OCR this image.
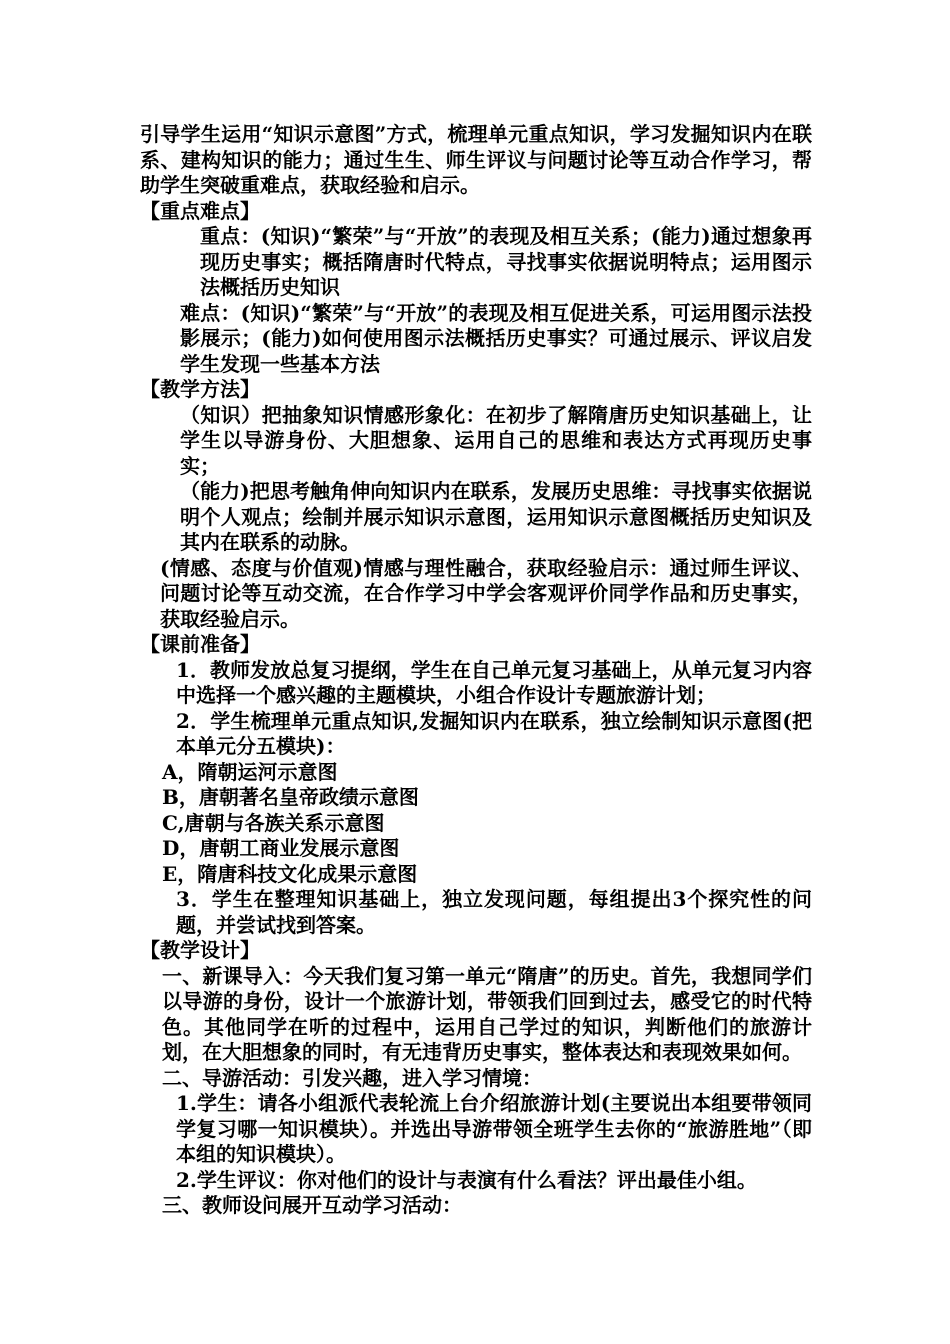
引导学生运用“知识示意图”方式，梳理单元重点知识，学习发掘知识内在联系、建构知识的能力；通过生生、师生评议与问题讨论等互动合作学习，帮助学生突破重难点，获取经验和启示。

【重点难点】

重点：(知识)“繁荣”与“开放”的表现及相互关系；(能力)通过想象再现历史事实；概括隋唐时代特点，寻找事实依据说明特点；运用图示法概括历史知识

难点：(知识)“繁荣”与“开放”的表现及相互促进关系，可运用图示法投影展示；(能力)如何使用图示法概括历史事实？可通过展示、评议启发学生发现一些基本方法

【教学方法】

（知识）把抽象知识情感形象化：在初步了解隋唐历史知识基础上，让学生以导游身份、大胆想象、运用自己的思维和表达方式再现历史事实；

（能力)把思考触角伸向知识内在联系，发展历史思维：寻找事实依据说明个人观点；绘制并展示知识示意图，运用知识示意图概括历史知识及其内在联系的动脉。

(情感、态度与价值观)情感与理性融合，获取经验启示：通过师生评议、问题讨论等互动交流，在合作学习中学会客观评价同学作品和历史事实，获取经验启示。

【课前准备】

1．教师发放总复习提纲，学生在自己单元复习基础上，从单元复习内容中选择一个感兴趣的主题模块，小组合作设计专题旅游计划；

2．学生梳理单元重点知识,发掘知识内在联系，独立绘制知识示意图(把本单元分五模块)：

A，隋朝运河示意图

B，唐朝著名皇帝政绩示意图

C,唐朝与各族关系示意图

D，唐朝工商业发展示意图

E，隋唐科技文化成果示意图

3．学生在整理知识基础上，独立发现问题，每组提出3个探究性的问题，并尝试找到答案。

【教学设计】

一、新课导入：今天我们复习第一单元“隋唐”的历史。首先，我想同学们以导游的身份，设计一个旅游计划，带领我们回到过去，感受它的时代特色。其他同学在听的过程中，运用自己学过的知识，判断他们的旅游计划，在大胆想象的同时，有无违背历史事实，整体表达和表现效果如何。

二、导游活动：引发兴趣，进入学习情境：

1.学生：请各小组派代表轮流上台介绍旅游计划(主要说出本组要带领同学复习哪一知识模块）。并选出导游带领全班学生去你的“旅游胜地”（即本组的知识模块）。

2.学生评议：你对他们的设计与表演有什么看法？评出最佳小组。

三、教师设问展开互动学习活动：
